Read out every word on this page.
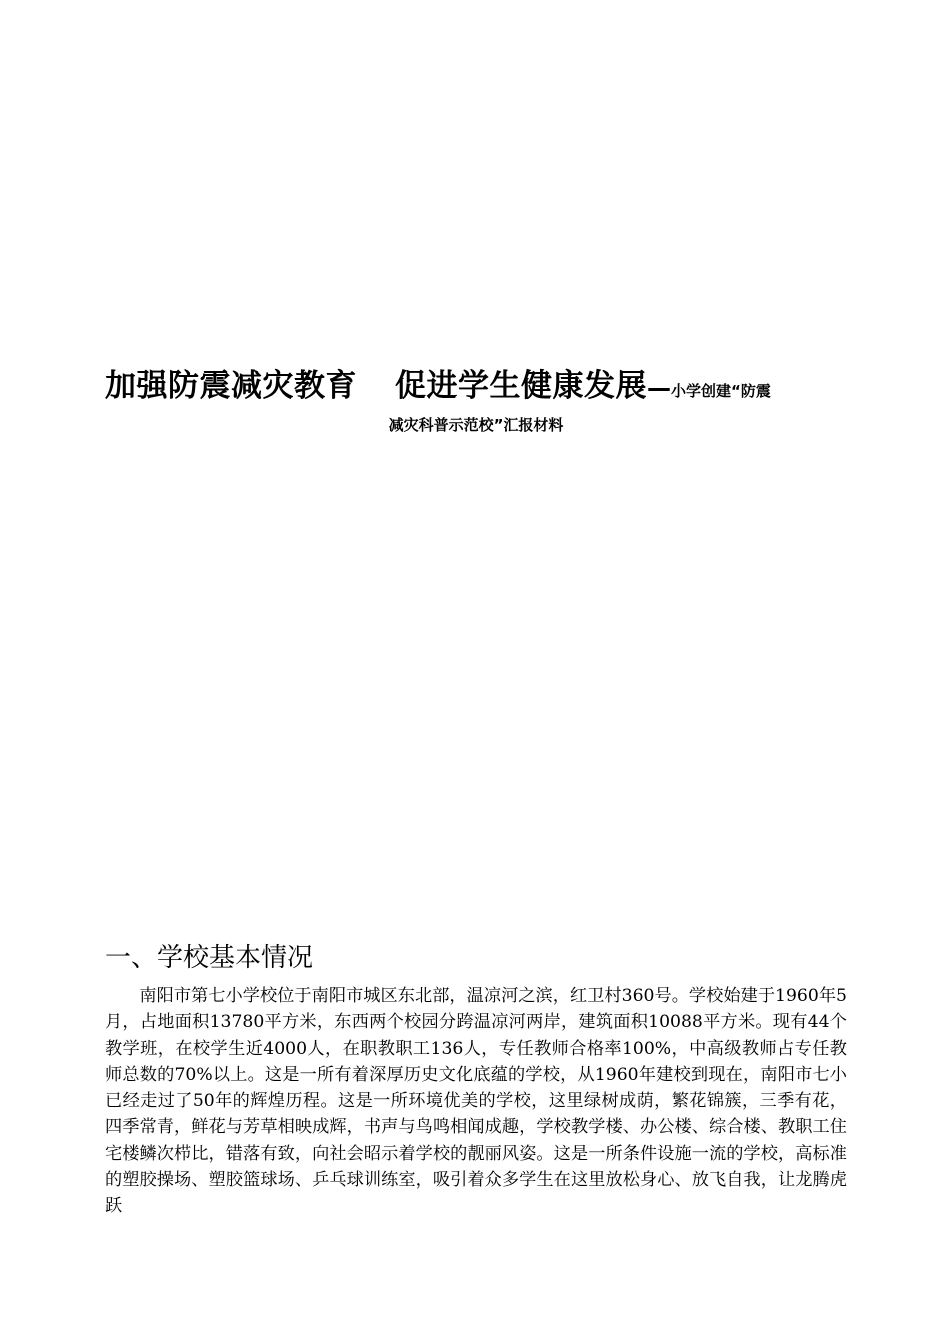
加强防震减灾教育 促进学生健康发展—小学创建“防震
减灾科普示范校”汇报材料
一、学校基本情况

南阳市第七小学校位于南阳市城区东北部，温凉河之滨，红卫村360号。学校始建于1960年5月，占地面积13780平方米，东西两个校园分跨温凉河两岸，建筑面积10088平方米。现有44个教学班，在校学生近4000人，在职教职工136人，专任教师合格率100%，中高级教师占专任教师总数的70%以上。这是一所有着深厚历史文化底蕴的学校，从1960年建校到现在，南阳市七小已经走过了50年的辉煌历程。这是一所环境优美的学校，这里绿树成荫，繁花锦簇，三季有花，四季常青，鲜花与芳草相映成辉，书声与鸟鸣相闻成趣，学校教学楼、办公楼、综合楼、教职工住宅楼鳞次栉比，错落有致，向社会昭示着学校的靓丽风姿。这是一所条件设施一流的学校，高标准的塑胶操场、塑胶篮球场、乒乓球训练室，吸引着众多学生在这里放松身心、放飞自我，让龙腾虎跃
